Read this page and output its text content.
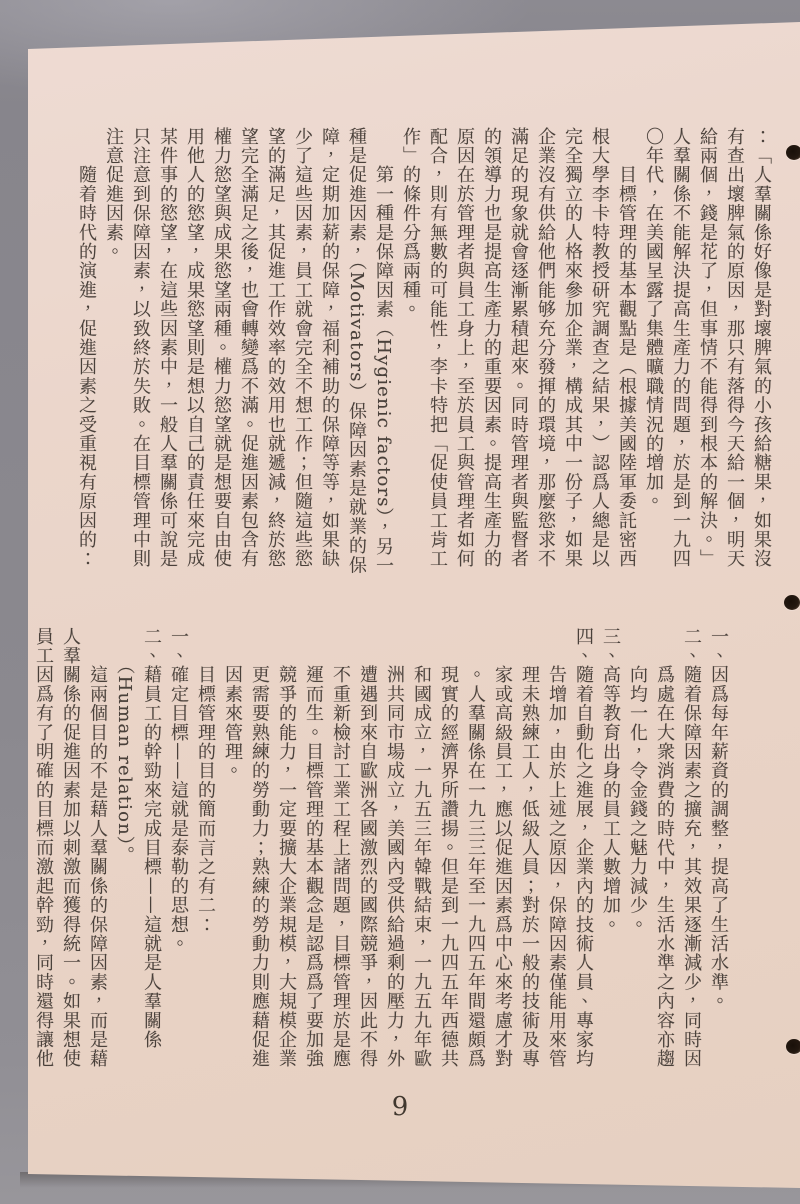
：「人羣關係好像是對壞脾氣的小孩給糖果，如果沒

有查出壞脾氣的原因，那只有落得今天給一個，明天

給兩個，錢是花了，但事情不能得到根本的解決。」

人羣關係不能解決提高生產力的問題，於是到一九四

〇年代，在美國呈露了集體曠職情況的增加。

　　目標管理的基本觀點是（根據美國陸軍委託密西

根大學李卡特教授研究調查之結果，）認爲人總是以

完全獨立的人格來參加企業，構成其中一份子，如果

企業沒有供給他們能够充分發揮的環境，那麼慾求不

滿足的現象就會逐漸累積起來。同時管理者與監督者

的領導力也是提高生產力的重要因素。提高生產力的

原因在於管理者與員工身上，至於員工與管理者如何

配合，則有無數的可能性，李卡特把「促使員工肯工

作」的條件分爲兩種。

　　第一種是保障因素（Hygienic factors），另一

種是促進因素，（Motivators）保障因素是就業的保

障，定期加薪的保障，福利補助的保障等等，如果缺

少了這些因素，員工就會完全不想工作；但隨這些慾

望的滿足，其促進工作效率的效用也就遞減，終於慾

望完全滿足之後，也會轉變爲不滿。促進因素包含有

權力慾望與成果慾望兩種。權力慾望就是想要自由使

用他人的慾望，成果慾望則是想以自己的責任來完成

某件事的慾望，在這些因素中，一般人羣關係可說是

只注意到保障因素，以致終於失敗。在目標管理中則

注意促進因素。

　　隨着時代的演進，促進因素之受重視有原因的：

一、因爲每年薪資的調整，提高了生活水準。

二、隨着保障因素之擴充，其效果逐漸減少，同時因

　　爲處在大衆消費的時代中，生活水準之內容亦趨

　　向均一化，令金錢之魅力減少。

三、高等教育出身的員工人數增加。

四、隨着自動化之進展，企業內的技術人員、專家均

　　告增加，由於上述之原因，保障因素僅能用來管

　　理未熟練工人，低級人員；對於一般的技術及專

　　家或高級員工，應以促進因素爲中心來考慮才對

　　。人羣關係在一九三三年至一九四五年間還頗爲

　　現實的經濟界所讚揚。但是到一九四五年西德共

　　和國成立，一九五三年韓戰結束，一九五九年歐

　　洲共同市場成立，美國內受供給過剩的壓力，外

　　遭遇到來自歐洲各國激烈的國際競爭，因此不得

　　不重新檢討工業工程上諸問題，目標管理於是應

　　運而生。目標管理的基本觀念是認爲爲了要加強

　　競爭的能力，一定要擴大企業規模，大規模企業

　　更需要熟練的勞動力；熟練的勞動力則應藉促進

　　因素來管理。

　　目標管理的目的簡而言之有二：

一、確定目標——這就是泰勒的思想。

二、藉員工的幹勁來完成目標——這就是人羣關係

　　（Human relation）。

　　這兩個目的不是藉人羣關係的保障因素，而是藉

人羣關係的促進因素加以刺激而獲得統一。如果想使

員工因爲有了明確的目標而激起幹勁，同時還得讓他

9
